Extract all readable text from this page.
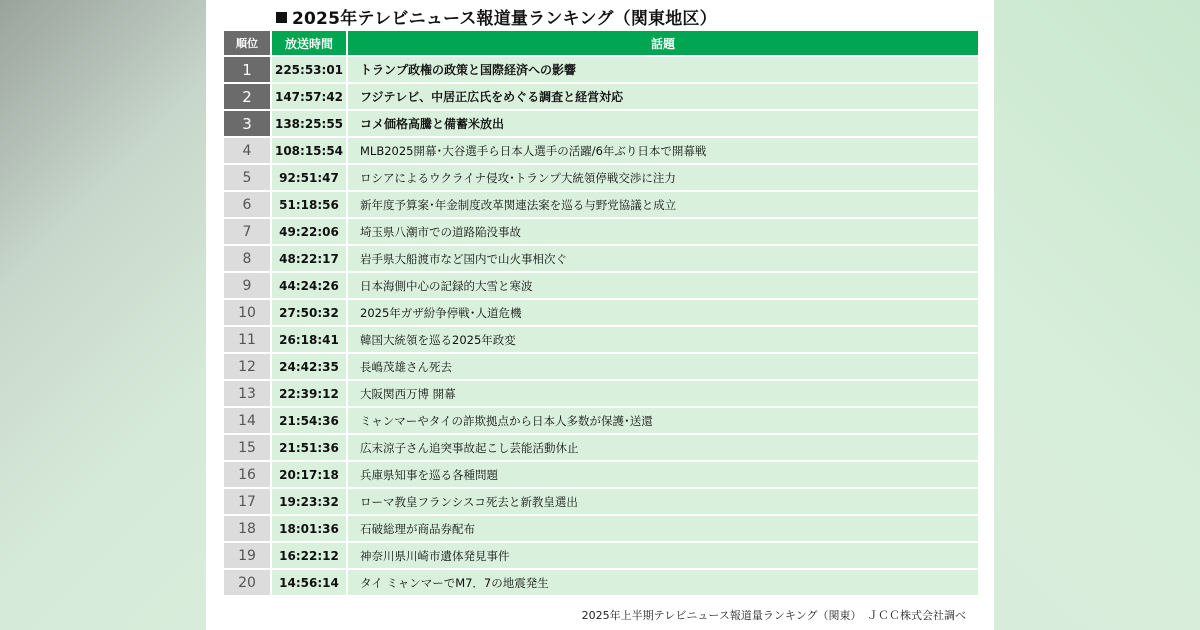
2025年テレビニュース報道量ランキング（関東地区）
順位	放送時間	話題
1	225:53:01	トランプ政権の政策と国際経済への影響
2	147:57:42	フジテレビ、中居正広氏をめぐる調査と経営対応
3	138:25:55	コメ価格高騰と備蓄米放出
4	108:15:54	MLB2025開幕･大谷選手ら日本人選手の活躍/6年ぶり日本で開幕戦
5	92:51:47	ロシアによるウクライナ侵攻･トランプ大統領停戦交渉に注力
6	51:18:56	新年度予算案･年金制度改革関連法案を巡る与野党協議と成立
7	49:22:06	埼玉県八潮市での道路陥没事故
8	48:22:17	岩手県大船渡市など国内で山火事相次ぐ
9	44:24:26	日本海側中心の記録的大雪と寒波
10	27:50:32	2025年ガザ紛争停戦･人道危機
11	26:18:41	韓国大統領を巡る2025年政変
12	24:42:35	長嶋茂雄さん死去
13	22:39:12	大阪関西万博 開幕
14	21:54:36	ミャンマーやタイの詐欺拠点から日本人多数が保護･送還
15	21:51:36	広末涼子さん追突事故起こし芸能活動休止
16	20:17:18	兵庫県知事を巡る各種問題
17	19:23:32	ローマ教皇フランシスコ死去と新教皇選出
18	18:01:36	石破総理が商品券配布
19	16:22:12	神奈川県川崎市遺体発見事件
20	14:56:14	タイ ミャンマーでM7．7の地震発生
2025年上半期テレビニュース報道量ランキング（関東）　ＪＣＣ株式会社調べ
